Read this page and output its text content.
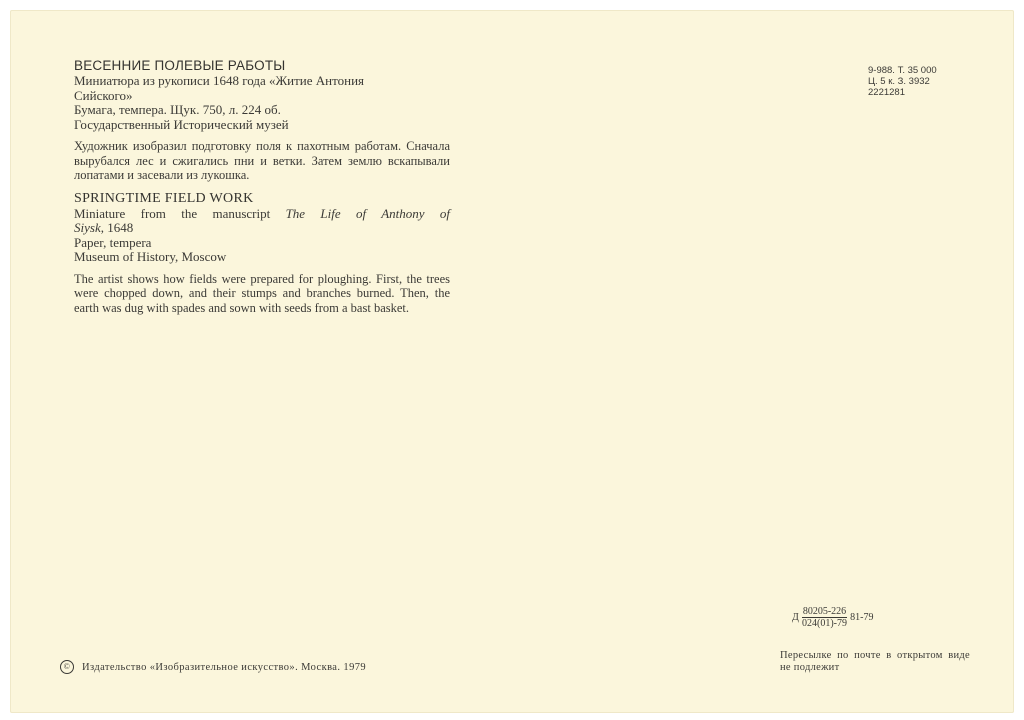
ВЕСЕННИЕ ПОЛЕВЫЕ РАБОТЫ

Миниатюра из рукописи 1648 года «Житие Антония

Сийского»

Бумага, темпера. Щук. 750, л. 224 об.

Государственный Исторический музей

Художник изобразил подготовку поля к пахотным работам. Сначала вырубался лес и сжигались пни и ветки. Затем землю вскапывали лопатами и засевали из лукошка.

SPRINGTIME FIELD WORK

Miniature from the manuscript The Life of Anthony of

Siysk, 1648

Paper, tempera

Museum of History, Moscow

The artist shows how fields were prepared for ploughing. First, the trees were chopped down, and their stumps and branches burned. Then, the earth was dug with spades and sown with seeds from a bast basket.

9-988. Т. 35 000
Ц. 5 к. З. 3932
2221281
Д $\frac{80205-226}{024(01)-79} 81-79$
©	Издательство «Изобразительное искусство». Москва. 1979
Пересылке по почте в открытом виде не подлежит
